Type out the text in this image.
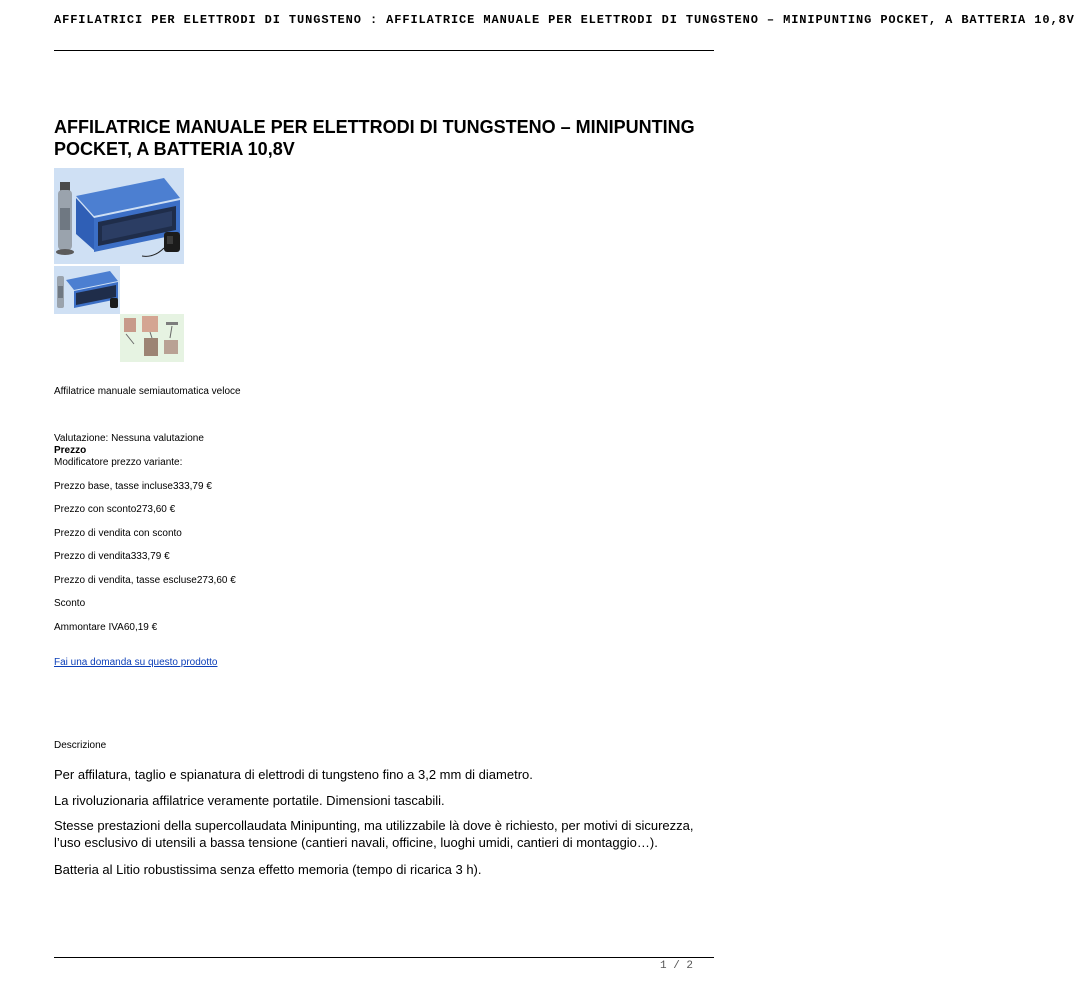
AFFILATRICI PER ELETTRODI DI TUNGSTENO : AFFILATRICE MANUALE PER ELETTRODI DI TUNGSTENO – MINIPUNTING POCKET, A BATTERIA 10,8V
AFFILATRICE MANUALE PER ELETTRODI DI TUNGSTENO – MINIPUNTING POCKET, A BATTERIA 10,8V

Affilatrice manuale semiautomatica veloce

Valutazione: Nessuna valutazione

Prezzo

Modificatore prezzo variante:

Prezzo base, tasse incluse333,79 €

Prezzo con sconto273,60 €

Prezzo di vendita con sconto

Prezzo di vendita333,79 €

Prezzo di vendita, tasse escluse273,60 €

Sconto

Ammontare IVA60,19 €

Fai una domanda su questo prodotto

Descrizione

Per affilatura, taglio e spianatura di elettrodi di tungsteno fino a 3,2 mm di diametro.

La rivoluzionaria affilatrice veramente portatile. Dimensioni tascabili.

Stesse prestazioni della supercollaudata Minipunting, ma utilizzabile là dove è richiesto, per motivi di sicurezza, l’uso esclusivo di utensili a bassa tensione (cantieri navali, officine, luoghi umidi, cantieri di montaggio…).

Batteria al Litio robustissima senza effetto memoria (tempo di ricarica 3 h).

1 / 2
